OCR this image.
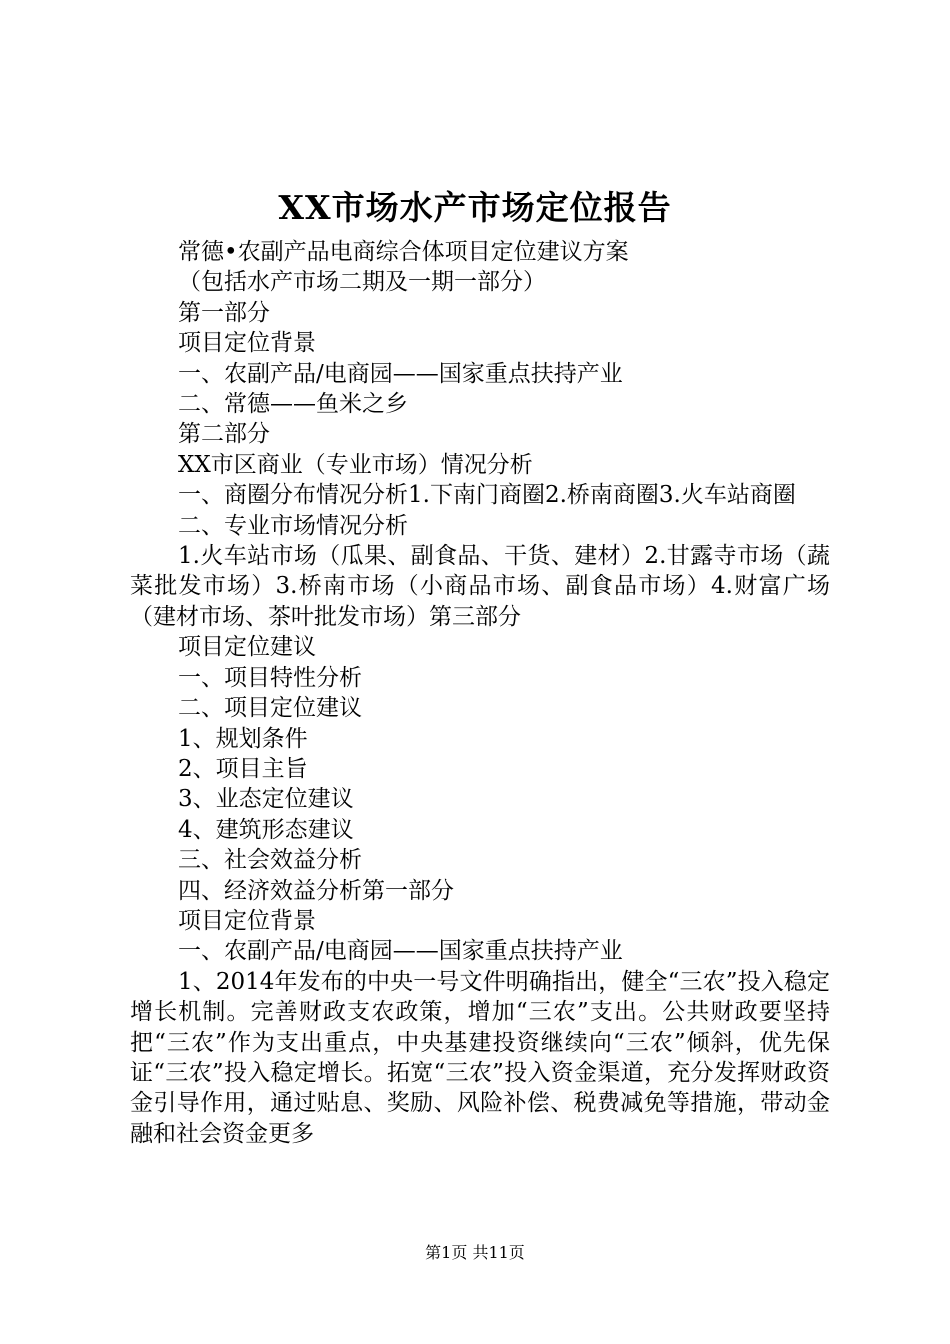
XX市场水产市场定位报告

常德•农副产品电商综合体项目定位建议方案

（包括水产市场二期及一期一部分）

第一部分

项目定位背景

一、农副产品/电商园——国家重点扶持产业

二、常德——鱼米之乡

第二部分

XX市区商业（专业市场）情况分析

一、商圈分布情况分析1.下南门商圈2.桥南商圈3.火车站商圈

二、专业市场情况分析

1.火车站市场（瓜果、副食品、干货、建材）2.甘露寺市场（蔬菜批发市场）3.桥南市场（小商品市场、副食品市场）4.财富广场（建材市场、茶叶批发市场）第三部分

项目定位建议

一、项目特性分析

二、项目定位建议

1、规划条件

2、项目主旨

3、业态定位建议

4、建筑形态建议

三、社会效益分析

四、经济效益分析第一部分

项目定位背景

一、农副产品/电商园——国家重点扶持产业

1、2014年发布的中央一号文件明确指出，健全“三农”投入稳定增长机制。完善财政支农政策，增加“三农”支出。公共财政要坚持把“三农”作为支出重点，中央基建投资继续向“三农”倾斜，优先保证“三农”投入稳定增长。拓宽“三农”投入资金渠道，充分发挥财政资金引导作用，通过贴息、奖励、风险补偿、税费减免等措施，带动金融和社会资金更多

第1页 共11页
